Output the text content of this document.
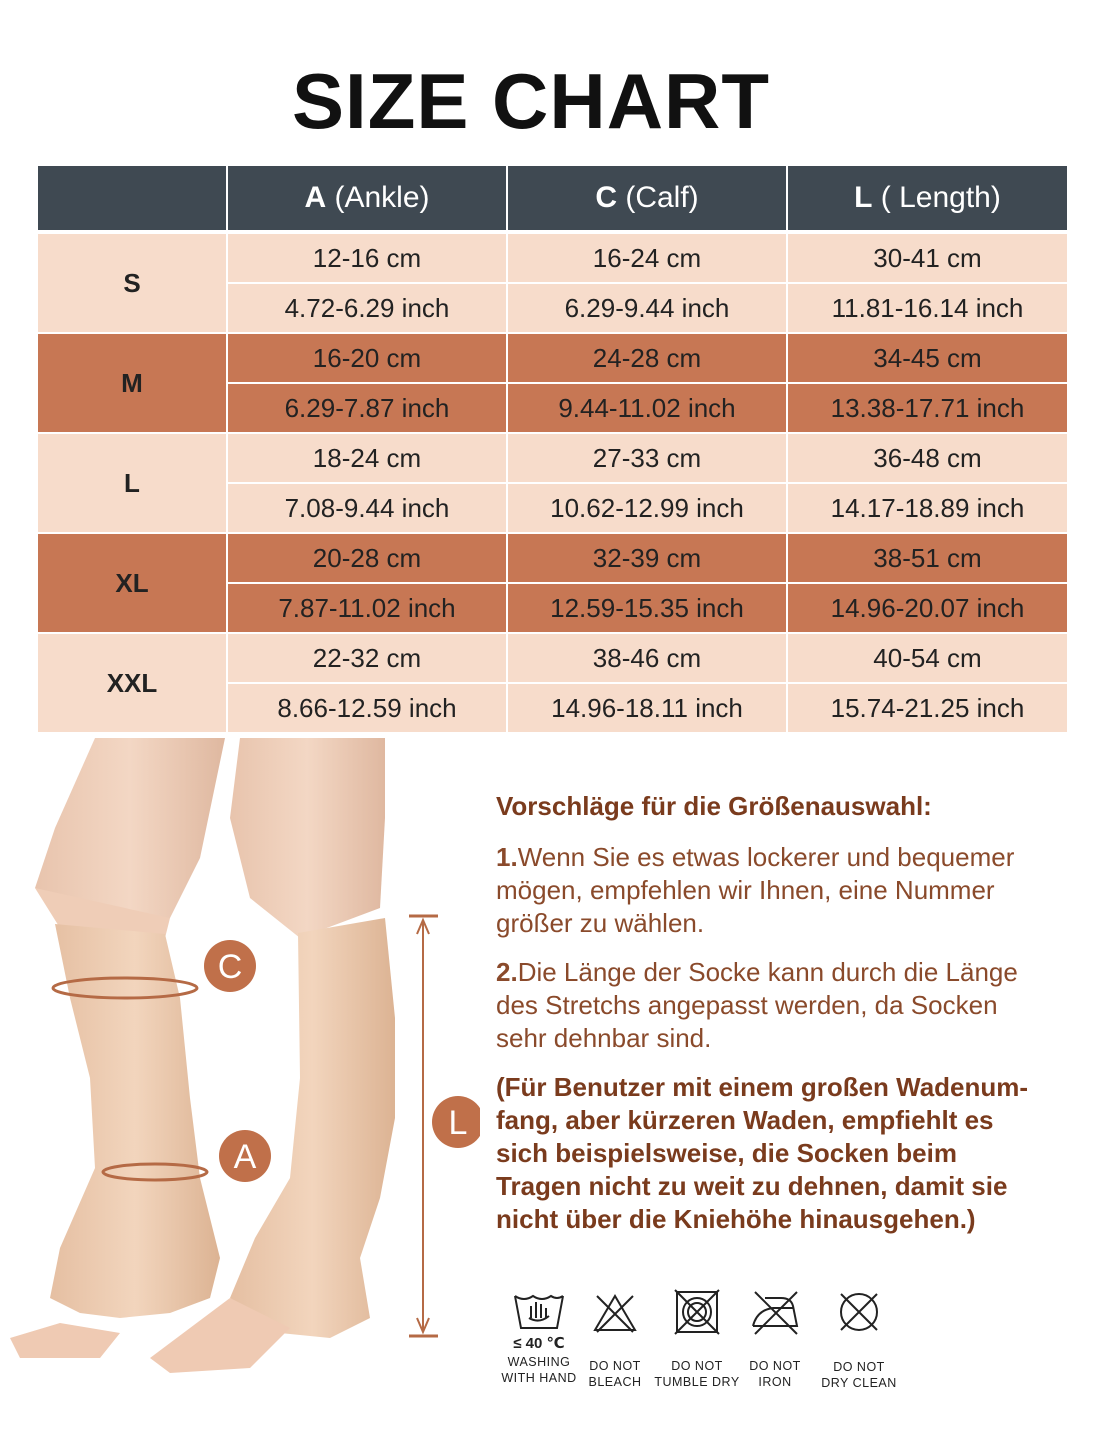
SIZE CHART
	A (Ankle)	C (Calf)	L ( Length)
S	12-16 cm	16-24 cm	30-41 cm
	4.72-6.29 inch	6.29-9.44 inch	11.81-16.14 inch
M	16-20 cm	24-28 cm	34-45 cm
	6.29-7.87 inch	9.44-11.02 inch	13.38-17.71 inch
L	18-24 cm	27-33 cm	36-48 cm
	7.08-9.44 inch	10.62-12.99 inch	14.17-18.89 inch
XL	20-28 cm	32-39 cm	38-51 cm
	7.87-11.02 inch	12.59-15.35 inch	14.96-20.07 inch
XXL	22-32 cm	38-46 cm	40-54 cm
	8.66-12.59 inch	14.96-18.11 inch	15.74-21.25 inch
C
A
L
Vorschläge für die Größenauswahl:

1.Wenn Sie es etwas lockerer und bequemer
mögen, empfehlen wir Ihnen, eine Nummer
größer zu wählen.

2.Die Länge der Socke kann durch die Länge
des Stretchs angepasst werden, da Socken
sehr dehnbar sind.

(Für Benutzer mit einem großen Wadenum-
fang, aber kürzeren Waden, empfiehlt es
sich beispielsweise, die Socken beim
Tragen nicht zu weit zu dehnen, damit sie
nicht über die Kniehöhe hinausgehen.)

≤ 40 ℃
WASHING
WITH HAND
DO NOT
BLEACH
DO NOT
TUMBLE DRY
DO NOT
IRON
DO NOT
DRY CLEAN
